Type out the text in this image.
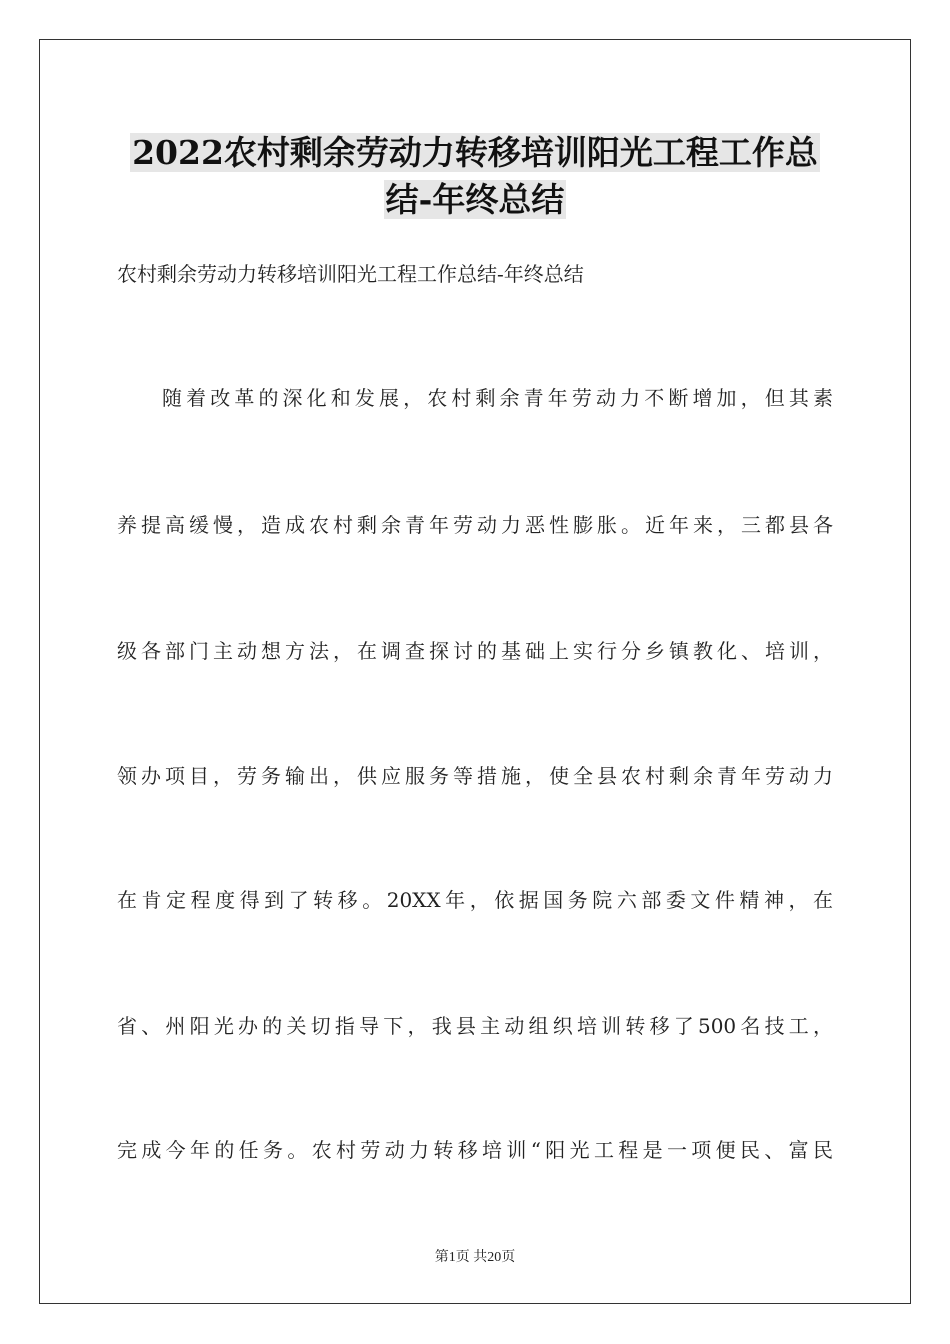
2022农村剩余劳动力转移培训阳光工程工作总
结-年终总结
农村剩余劳动力转移培训阳光工程工作总结-年终总结
随着改革的深化和发展，农村剩余青年劳动力不断增加，但其素
养提高缓慢，造成农村剩余青年劳动力恶性膨胀。近年来，三都县各
级各部门主动想方法，在调查探讨的基础上实行分乡镇教化、培训，
领办项目，劳务输出，供应服务等措施，使全县农村剩余青年劳动力
在肯定程度得到了转移。20XX年，依据国务院六部委文件精神，在
省、州阳光办的关切指导下，我县主动组织培训转移了500名技工，
完成今年的任务。农村劳动力转移培训“阳光工程是一项便民、富民
第1页 共20页
